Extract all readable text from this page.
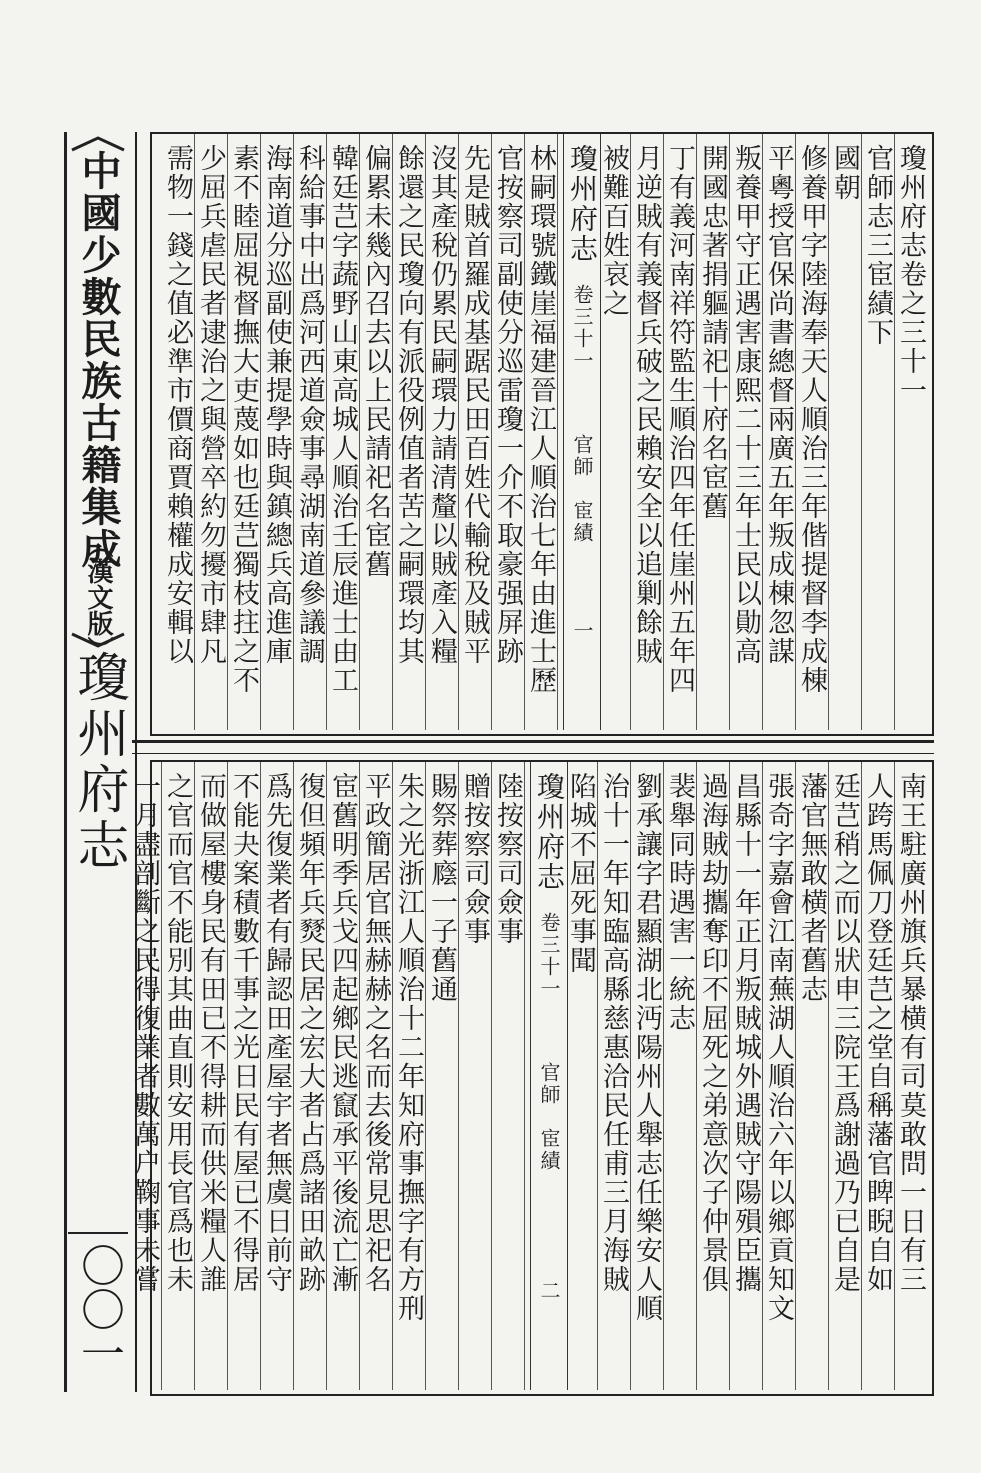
中國少數民族古籍集成
（漢文版）
瓊州府志
〇〇一
瓊州府志卷之三十一
官師志三宦績下
國朝
修養甲字陸海奉天人順治三年偕提督李成棟
平粵授官保尚書總督兩廣五年叛成棟忽謀
叛養甲守正遇害康熙二十三年士民以勛高
開國忠著捐軀請祀十府名宦舊
丁有義河南祥符監生順治四年任崖州五年四
月逆賊有義督兵破之民賴安全以追剿餘賊
被難百姓哀之
瓊州府志
卷三十一
官師　宦績
一
林嗣環號鐵崖福建晉江人順治七年由進士歷
官按察司副使分巡雷瓊一介不取豪强屏跡
先是賊首羅成基踞民田百姓代輸稅及賊平
沒其產稅仍累民嗣環力請清釐以賊產入糧
餘還之民瓊向有派役例值者苦之嗣環均其
偏累未幾內召去以上民請祀名宦舊
韓廷芑字蔬野山東高城人順治壬辰進士由工
科給事中出爲河西道僉事尋湖南道參議調
海南道分巡副使兼提學時與鎮總兵高進庫
素不睦屈視督撫大吏蔑如也廷芑獨枝拄之不
少屈兵虐民者逮治之與營卒約勿擾市肆凡
需物一錢之值必準市價商賈賴權成安輯以
南王駐廣州旗兵暴横有司莫敢問一日有三
人跨馬佩刀登廷芑之堂自稱藩官睥睨自如
廷芑稍之而以狀申三院王爲謝過乃已自是
藩官無敢横者舊志
張奇字嘉會江南蕪湖人順治六年以鄉貢知文
昌縣十一年正月叛賊城外遇賊守陽殞臣攜
過海賊劫攜奪印不屈死之弟意次子仲景俱
裴舉同時遇害一統志
劉承讓字君顯湖北沔陽州人舉志任樂安人順
治十一年知臨高縣慈惠洽民任甫三月海賊
陷城不屈死事聞
瓊州府志
卷三十一
官師　宦績
二
陸按察司僉事
贈按察司僉事
賜祭葬廕一子舊通
朱之光浙江人順治十二年知府事撫字有方刑
平政簡居官無赫赫之名而去後常見思祀名
宦舊明季兵戈四起鄉民逃竄承平後流亡漸
復但頻年兵燹民居之宏大者占爲諸田畝跡
爲先復業者有歸認田產屋宇者無虞日前守
不能夬案積數千事之光日民有屋已不得居
而做屋樓身民有田已不得耕而供米糧人誰
之官而官不能別其曲直則安用長官爲也未
一月盡剖斷之民得復業者數萬户鞠事未嘗
